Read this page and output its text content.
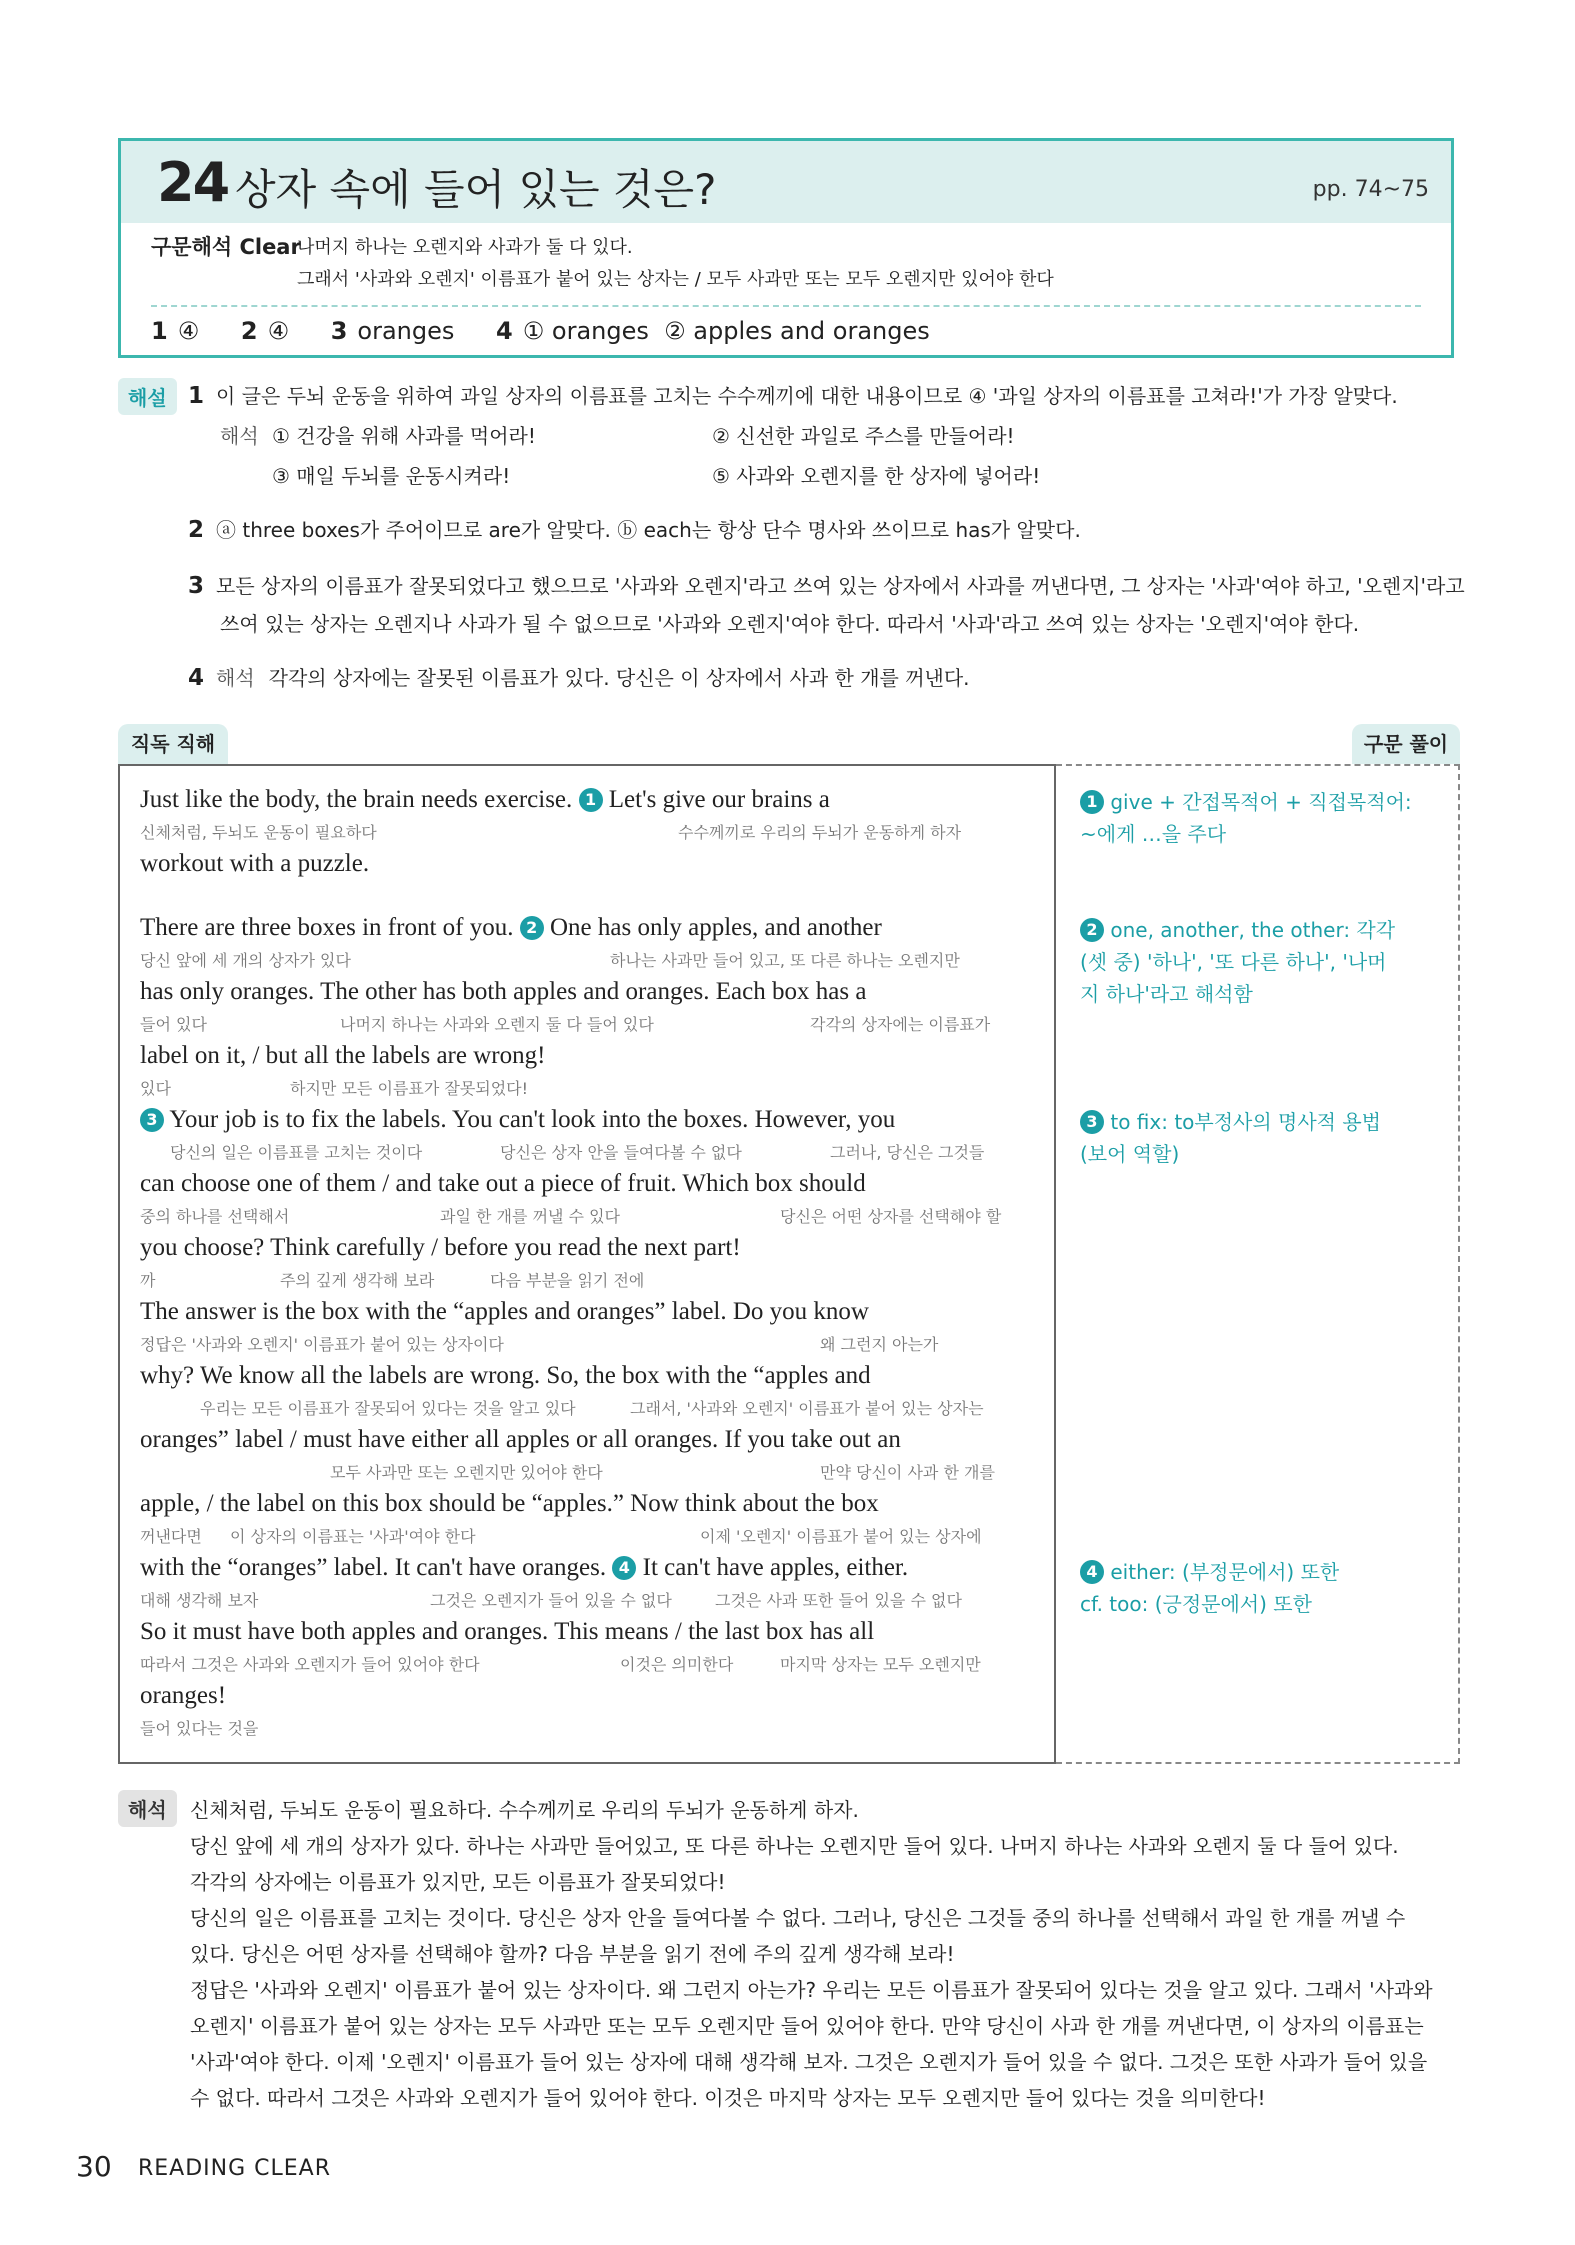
24 상자 속에 들어 있는 것은?	pp. 74~75
구문해석 Clear
나머지 하나는 오렌지와 사과가 둘 다 있다.
그래서 '사과와 오렌지' 이름표가 붙어 있는 상자는 / 모두 사과만 또는 모두 오렌지만 있어야 한다
1 ④ 2 ④ 3 oranges 4 ① oranges  ② apples and oranges
해설 1 이 글은 두뇌 운동을 위하여 과일 상자의 이름표를 고치는 수수께끼에 대한 내용이므로 ④ '과일 상자의 이름표를 고쳐라!'가 가장 알맞다.
해석 ① 건강을 위해 사과를 먹어라!	② 신선한 과일로 주스를 만들어라!
③ 매일 두뇌를 운동시켜라!	⑤ 사과와 오렌지를 한 상자에 넣어라!
2 ⓐ three boxes가 주어이므로 are가 알맞다. ⓑ each는 항상 단수 명사와 쓰이므로 has가 알맞다.
3 모든 상자의 이름표가 잘못되었다고 했으므로 '사과와 오렌지'라고 쓰여 있는 상자에서 사과를 꺼낸다면, 그 상자는 '사과'여야 하고, '오렌지'라고
쓰여 있는 상자는 오렌지나 사과가 될 수 없으므로 '사과와 오렌지'여야 한다. 따라서 '사과'라고 쓰여 있는 상자는 '오렌지'여야 한다.
4 해석 각각의 상자에는 잘못된 이름표가 있다. 당신은 이 상자에서 사과 한 개를 꺼낸다.
직독 직해	구문 풀이
Just like the body, the brain needs exercise. 1 Let's give our brains a
신체처럼, 두뇌도 운동이 필요하다	수수께끼로 우리의 두뇌가 운동하게 하자
workout with a puzzle.
There are three boxes in front of you. 2 One has only apples, and another
당신 앞에 세 개의 상자가 있다	하나는 사과만 들어 있고, 또 다른 하나는 오렌지만
has only oranges. The other has both apples and oranges. Each box has a
들어 있다	나머지 하나는 사과와 오렌지 둘 다 들어 있다	각각의 상자에는 이름표가
label on it, / but all the labels are wrong!
있다	하지만 모든 이름표가 잘못되었다!
3 Your job is to fix the labels. You can't look into the boxes. However, you
당신의 일은 이름표를 고치는 것이다	당신은 상자 안을 들여다볼 수 없다	그러나, 당신은 그것들
can choose one of them / and take out a piece of fruit. Which box should
중의 하나를 선택해서	과일 한 개를 꺼낼 수 있다	당신은 어떤 상자를 선택해야 할
you choose? Think carefully / before you read the next part!
까	주의 깊게 생각해 보라	다음 부분을 읽기 전에
The answer is the box with the “apples and oranges” label. Do you know
정답은 '사과와 오렌지' 이름표가 붙어 있는 상자이다	왜 그런지 아는가
why? We know all the labels are wrong. So, the box with the “apples and
우리는 모든 이름표가 잘못되어 있다는 것을 알고 있다	그래서, '사과와 오렌지' 이름표가 붙어 있는 상자는
oranges” label / must have either all apples or all oranges. If you take out an
모두 사과만 또는 오렌지만 있어야 한다	만약 당신이 사과 한 개를
apple, / the label on this box should be “apples.” Now think about the box
꺼낸다면 이 상자의 이름표는 '사과'여야 한다	이제 '오렌지' 이름표가 붙어 있는 상자에
with the “oranges” label. It can't have oranges. 4 It can't have apples, either.
대해 생각해 보자	그것은 오렌지가 들어 있을 수 없다	그것은 사과 또한 들어 있을 수 없다
So it must have both apples and oranges. This means / the last box has all
따라서 그것은 사과와 오렌지가 들어 있어야 한다	이것은 의미한다	마지막 상자는 모두 오렌지만
oranges!
들어 있다는 것을
1 give + 간접목적어 + 직접목적어:
~에게 …을 주다
2 one, another, the other: 각각
(셋 중) '하나', '또 다른 하나', '나머
지 하나'라고 해석함
3 to fix: to부정사의 명사적 용법
(보어 역할)
4 either: (부정문에서) 또한
cf. too: (긍정문에서) 또한
해석	신체처럼, 두뇌도 운동이 필요하다. 수수께끼로 우리의 두뇌가 운동하게 하자.
당신 앞에 세 개의 상자가 있다. 하나는 사과만 들어있고, 또 다른 하나는 오렌지만 들어 있다. 나머지 하나는 사과와 오렌지 둘 다 들어 있다.
각각의 상자에는 이름표가 있지만, 모든 이름표가 잘못되었다!
당신의 일은 이름표를 고치는 것이다. 당신은 상자 안을 들여다볼 수 없다. 그러나, 당신은 그것들 중의 하나를 선택해서 과일 한 개를 꺼낼 수
있다. 당신은 어떤 상자를 선택해야 할까? 다음 부분을 읽기 전에 주의 깊게 생각해 보라!
정답은 '사과와 오렌지' 이름표가 붙어 있는 상자이다. 왜 그런지 아는가? 우리는 모든 이름표가 잘못되어 있다는 것을 알고 있다. 그래서 '사과와
오렌지' 이름표가 붙어 있는 상자는 모두 사과만 또는 모두 오렌지만 들어 있어야 한다. 만약 당신이 사과 한 개를 꺼낸다면, 이 상자의 이름표는
'사과'여야 한다. 이제 '오렌지' 이름표가 들어 있는 상자에 대해 생각해 보자. 그것은 오렌지가 들어 있을 수 없다. 그것은 또한 사과가 들어 있을
수 없다. 따라서 그것은 사과와 오렌지가 들어 있어야 한다. 이것은 마지막 상자는 모두 오렌지만 들어 있다는 것을 의미한다!
30 READING CLEAR
